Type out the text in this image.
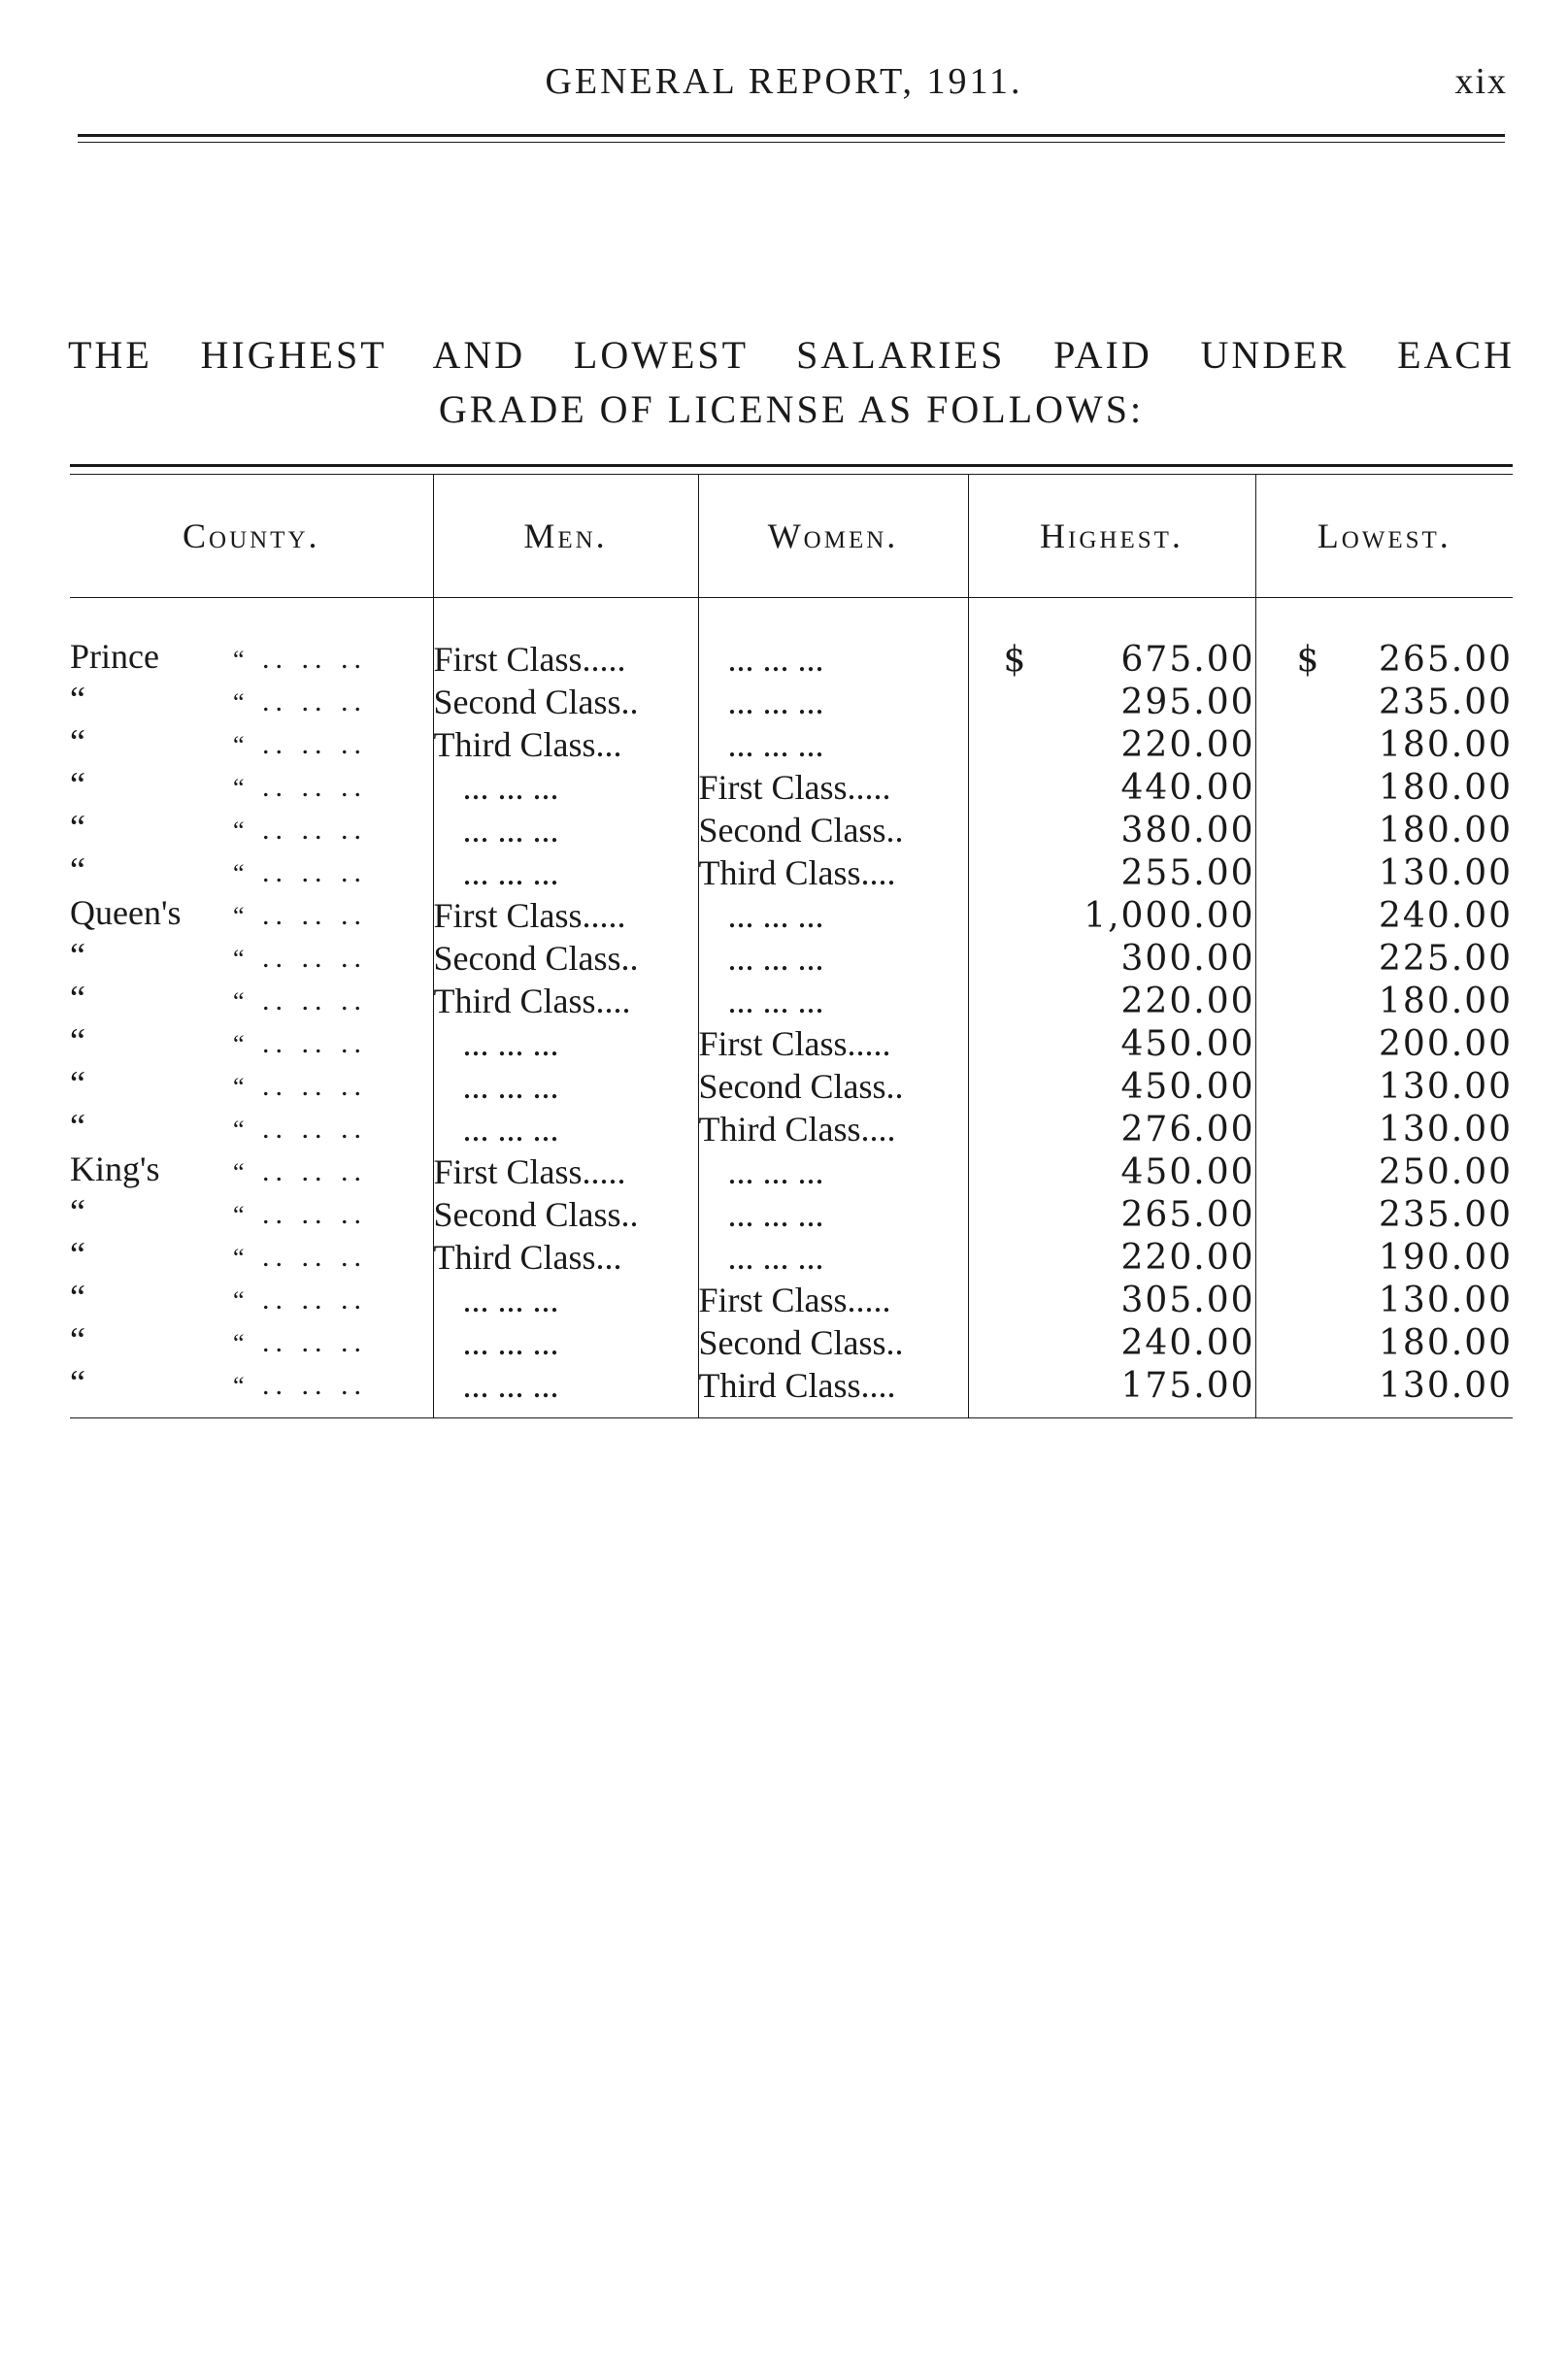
GENERAL REPORT, 1911.	xix
THE HIGHEST AND LOWEST SALARIES PAID UNDER EACH
GRADE OF LICENSE AS FOLLOWS:
County.	Men.	Women.	Highest.	Lowest.
Prince “ .. .. ..	First Class.....	... ... ...	$ 675.00	$ 265.00
“ “ .. .. ..	Second Class..	... ... ...	295.00	235.00
“ “ .. .. ..	Third Class...	... ... ...	220.00	180.00
“ “ .. .. ..	... ... ...	First Class.....	440.00	180.00
“ “ .. .. ..	... ... ...	Second Class..	380.00	180.00
“ “ .. .. ..	... ... ...	Third Class....	255.00	130.00
Queen's “ .. .. ..	First Class.....	... ... ...	1,000.00	240.00
“ “ .. .. ..	Second Class..	... ... ...	300.00	225.00
“ “ .. .. ..	Third Class....	... ... ...	220.00	180.00
“ “ .. .. ..	... ... ...	First Class.....	450.00	200.00
“ “ .. .. ..	... ... ...	Second Class..	450.00	130.00
“ “ .. .. ..	... ... ...	Third Class....	276.00	130.00
King's “ .. .. ..	First Class.....	... ... ...	450.00	250.00
“ “ .. .. ..	Second Class..	... ... ...	265.00	235.00
“ “ .. .. ..	Third Class...	... ... ...	220.00	190.00
“ “ .. .. ..	... ... ...	First Class.....	305.00	130.00
“ “ .. .. ..	... ... ...	Second Class..	240.00	180.00
“ “ .. .. ..	... ... ...	Third Class....	175.00	130.00
